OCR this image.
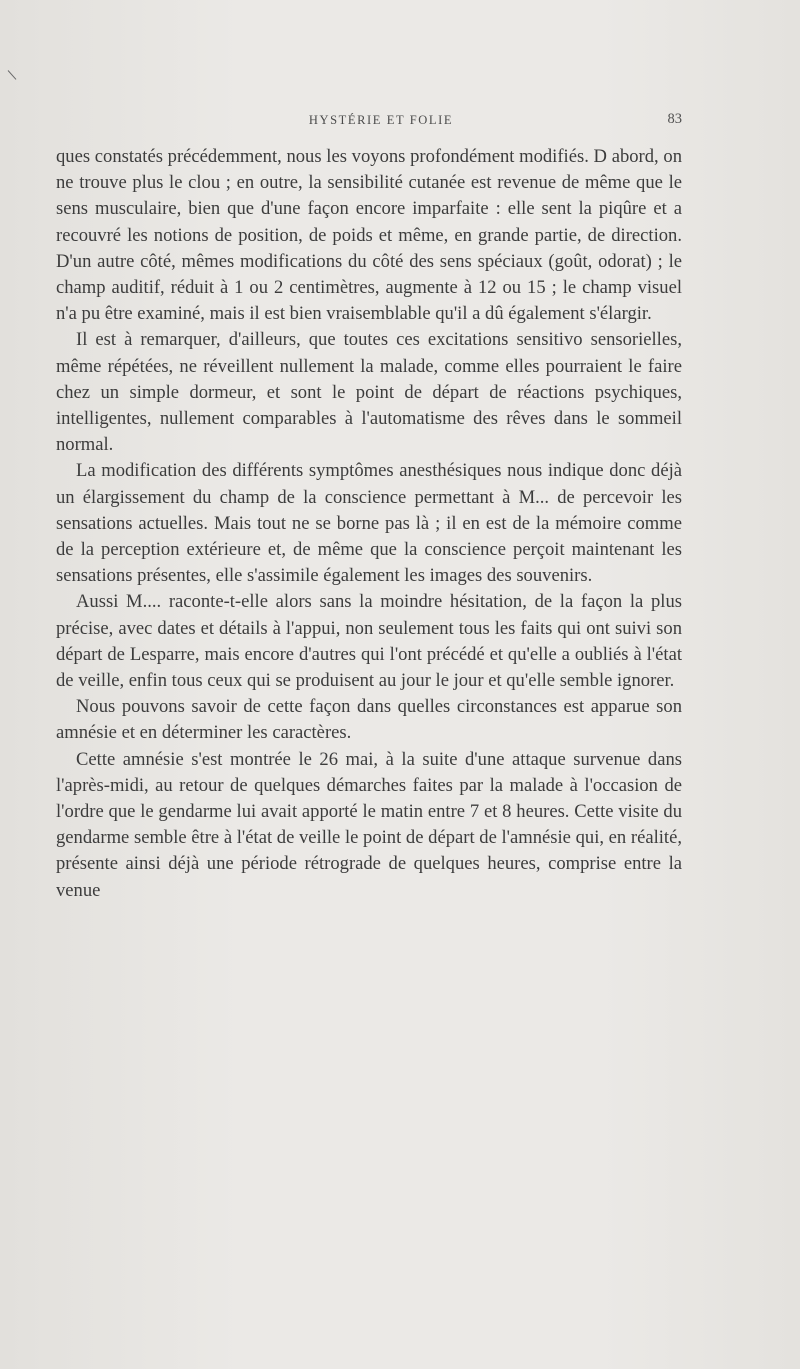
HYSTÉRIE ET FOLIE	83

ques constatés précédemment, nous les voyons profondément modifiés. D abord, on ne trouve plus le clou ; en outre, la sensibilité cutanée est revenue de même que le sens musculaire, bien que d'une façon encore imparfaite : elle sent la piqûre et a recouvré les notions de position, de poids et même, en grande partie, de direction. D'un autre côté, mêmes modifications du côté des sens spéciaux (goût, odorat) ; le champ auditif, réduit à 1 ou 2 centimètres, augmente à 12 ou 15 ; le champ visuel n'a pu être examiné, mais il est bien vraisemblable qu'il a dû également s'élargir.

Il est à remarquer, d'ailleurs, que toutes ces excitations sensitivo sensorielles, même répétées, ne réveillent nullement la malade, comme elles pourraient le faire chez un simple dormeur, et sont le point de départ de réactions psychiques, intelligentes, nullement comparables à l'automatisme des rêves dans le sommeil normal.

La modification des différents symptômes anesthésiques nous indique donc déjà un élargissement du champ de la conscience permettant à M... de percevoir les sensations actuelles. Mais tout ne se borne pas là ; il en est de la mémoire comme de la perception extérieure et, de même que la conscience perçoit maintenant les sensations présentes, elle s'assimile également les images des souvenirs.

Aussi M.... raconte-t-elle alors sans la moindre hésitation, de la façon la plus précise, avec dates et détails à l'appui, non seulement tous les faits qui ont suivi son départ de Lesparre, mais encore d'autres qui l'ont précédé et qu'elle a oubliés à l'état de veille, enfin tous ceux qui se produisent au jour le jour et qu'elle semble ignorer.

Nous pouvons savoir de cette façon dans quelles circonstances est apparue son amnésie et en déterminer les caractères.

Cette amnésie s'est montrée le 26 mai, à la suite d'une attaque survenue dans l'après-midi, au retour de quelques démarches faites par la malade à l'occasion de l'ordre que le gendarme lui avait apporté le matin entre 7 et 8 heures. Cette visite du gendarme semble être à l'état de veille le point de départ de l'amnésie qui, en réalité, présente ainsi déjà une période rétrograde de quelques heures, comprise entre la venue
